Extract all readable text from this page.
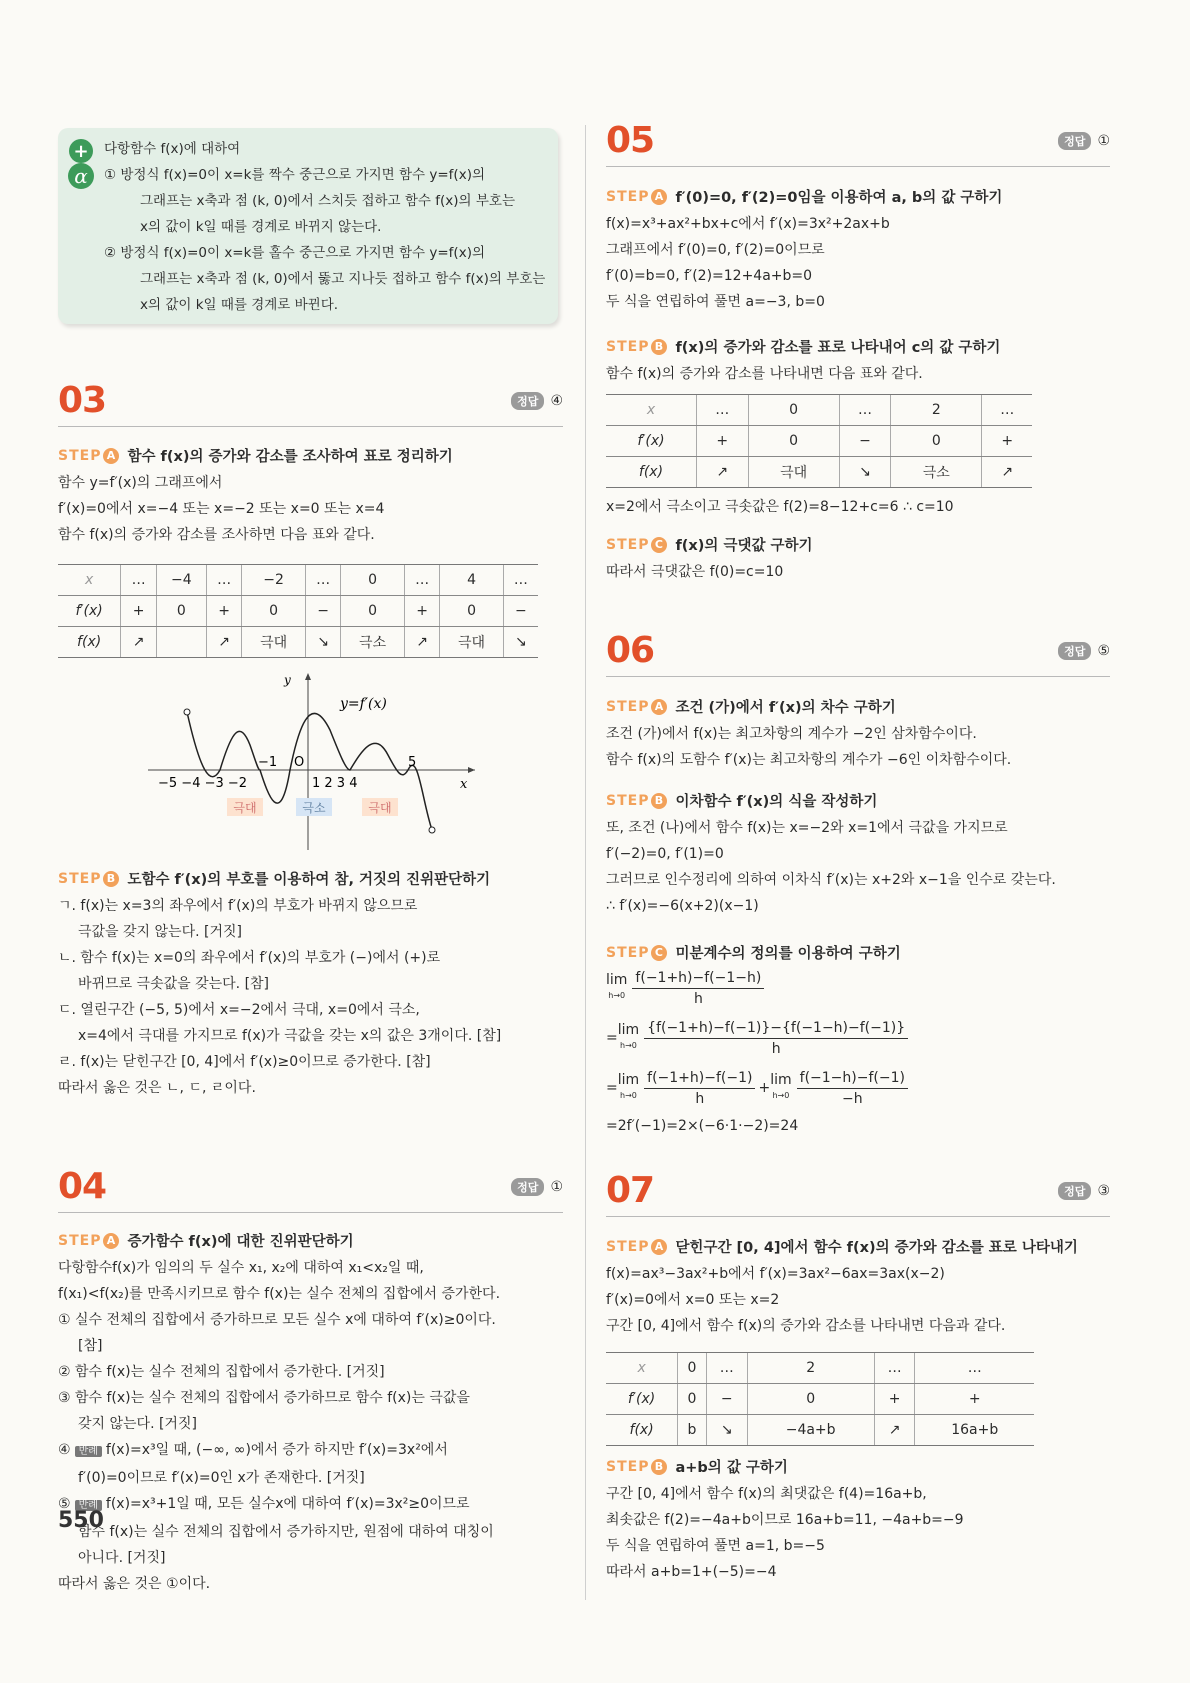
+
α
다항함수 f(x)에 대하여
① 방정식 f(x)=0이 x=k를 짝수 중근으로 가지면 함수 y=f(x)의
그래프는 x축과 점 (k, 0)에서 스치듯 접하고 함수 f(x)의 부호는
x의 값이 k일 때를 경계로 바뀌지 않는다.
② 방정식 f(x)=0이 x=k를 홀수 중근으로 가지면 함수 y=f(x)의
그래프는 x축과 점 (k, 0)에서 뚫고 지나듯 접하고 함수 f(x)의 부호는
x의 값이 k일 때를 경계로 바뀐다.
03	정답 ④
STEP A 함수 f(x)의 증가와 감소를 조사하여 표로 정리하기
함수 y=f′(x)의 그래프에서
f′(x)=0에서 x=−4 또는 x=−2 또는 x=0 또는 x=4
함수 f(x)의 증가와 감소를 조사하면 다음 표와 같다.
x	…	−4	…	−2	…	0	…	4	…
f′(x)	+	0	+	0	−	0	+	0	−
f(x)	↗		↗	극대	↘	극소	↗	극대	↘
y=f′(x)
y
x
−5 −4 −3 −2
−1 O
1 2 3 4
5
극대	극소	극대
STEP B 도함수 f′(x)의 부호를 이용하여 참, 거짓의 진위판단하기
ㄱ. f(x)는 x=3의 좌우에서 f′(x)의 부호가 바뀌지 않으므로
극값을 갖지 않는다. [거짓]
ㄴ. 함수 f(x)는 x=0의 좌우에서 f′(x)의 부호가 (−)에서 (+)로
바뀌므로 극솟값을 갖는다. [참]
ㄷ. 열린구간 (−5, 5)에서 x=−2에서 극대, x=0에서 극소,
x=4에서 극대를 가지므로 f(x)가 극값을 갖는 x의 값은 3개이다. [참]
ㄹ. f(x)는 닫힌구간 [0, 4]에서 f′(x)≥0이므로 증가한다. [참]
따라서 옳은 것은 ㄴ, ㄷ, ㄹ이다.
04	정답 ①
STEP A 증가함수 f(x)에 대한 진위판단하기
다항함수f(x)가 임의의 두 실수 x₁, x₂에 대하여 x₁<x₂일 때,
f(x₁)<f(x₂)를 만족시키므로 함수 f(x)는 실수 전체의 집합에서 증가한다.
① 실수 전체의 집합에서 증가하므로 모든 실수 x에 대하여 f′(x)≥0이다.
[참]
② 함수 f(x)는 실수 전체의 집합에서 증가한다. [거짓]
③ 함수 f(x)는 실수 전체의 집합에서 증가하므로 함수 f(x)는 극값을
갖지 않는다. [거짓]
④ 반례 f(x)=x³일 때, (−∞, ∞)에서 증가 하지만 f′(x)=3x²에서
f′(0)=0이므로 f′(x)=0인 x가 존재한다. [거짓]
⑤ 반례 f(x)=x³+1일 때, 모든 실수x에 대하여 f′(x)=3x²≥0이므로
함수 f(x)는 실수 전체의 집합에서 증가하지만, 원점에 대하여 대칭이
아니다. [거짓]
따라서 옳은 것은 ①이다.
550
05	정답 ①
STEP A f′(0)=0, f′(2)=0임을 이용하여 a, b의 값 구하기
f(x)=x³+ax²+bx+c에서 f′(x)=3x²+2ax+b
그래프에서 f′(0)=0, f′(2)=0이므로
f′(0)=b=0, f′(2)=12+4a+b=0
두 식을 연립하여 풀면 a=−3, b=0
STEP B f(x)의 증가와 감소를 표로 나타내어 c의 값 구하기
함수 f(x)의 증가와 감소를 나타내면 다음 표와 같다.
x	…	0	…	2	…
f′(x)	+	0	−	0	+
f(x)	↗	극대	↘	극소	↗
x=2에서 극소이고 극솟값은 f(2)=8−12+c=6 ∴ c=10
STEP C f(x)의 극댓값 구하기
따라서 극댓값은 f(0)=c=10
06	정답 ⑤
STEP A 조건 (가)에서 f′(x)의 차수 구하기
조건 (가)에서 f(x)는 최고차항의 계수가 −2인 삼차함수이다.
함수 f(x)의 도함수 f′(x)는 최고차항의 계수가 −6인 이차함수이다.
STEP B 이차함수 f′(x)의 식을 작성하기
또, 조건 (나)에서 함수 f(x)는 x=−2와 x=1에서 극값을 가지므로
f′(−2)=0, f′(1)=0
그러므로 인수정리에 의하여 이차식 f′(x)는 x+2와 x−1을 인수로 갖는다.
∴ f′(x)=−6(x+2)(x−1)
STEP C 미분계수의 정의를 이용하여 구하기
lim
$h\to 0 \frac{f(-1+h)-f(-1-h)}{h}$
= lim
$h\to 0 \frac{\{f(-1+h)-f(-1)\}-\{f(-1-h)-f(-1)\}}{h}$
= lim
$h\to 0 \frac{f(-1+h)-f(-1)}{h} + \lim$
$h\to 0 \frac{f(-1-h)-f(-1)}{-h}$
=2f′(−1)=2×(−6·1·−2)=24
07	정답 ③
STEP A 닫힌구간 [0, 4]에서 함수 f(x)의 증가와 감소를 표로 나타내기
f(x)=ax³−3ax²+b에서 f′(x)=3ax²−6ax=3ax(x−2)
f′(x)=0에서 x=0 또는 x=2
구간 [0, 4]에서 함수 f(x)의 증가와 감소를 나타내면 다음과 같다.
x	0	…	2	…	…
f′(x)	0	−	0	+	+
f(x)	b	↘	−4a+b	↗	16a+b
STEP B a+b의 값 구하기
구간 [0, 4]에서 함수 f(x)의 최댓값은 f(4)=16a+b,
최솟값은 f(2)=−4a+b이므로 16a+b=11, −4a+b=−9
두 식을 연립하여 풀면 a=1, b=−5
따라서 a+b=1+(−5)=−4
